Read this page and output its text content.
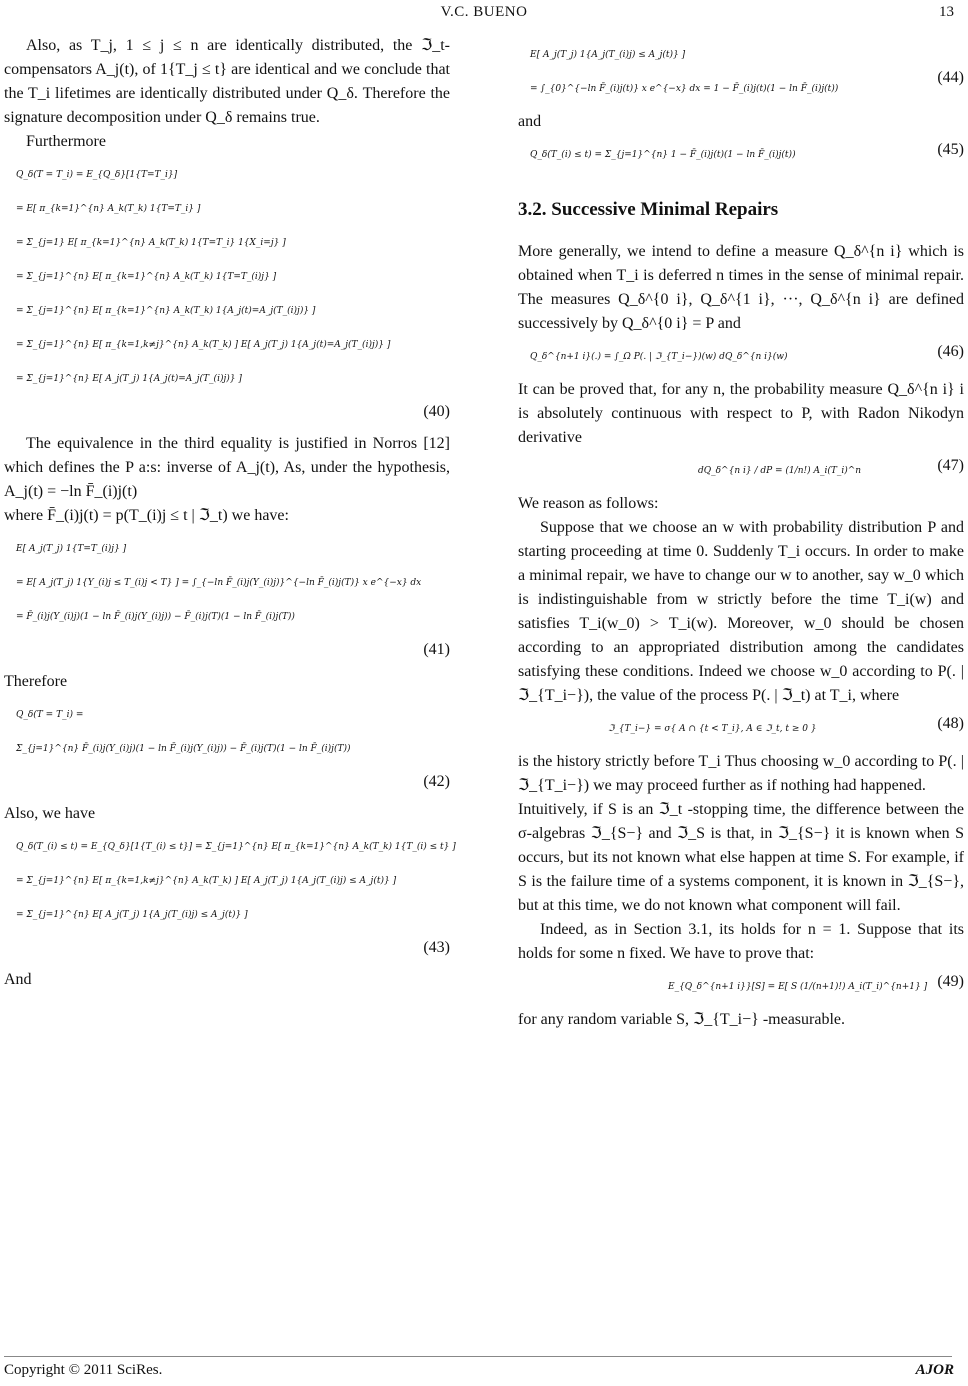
V.C. BUENO	13

Also, as T_j, 1 ≤ j ≤ n are identically distributed, the ℑ_t-compensators A_j(t), of 1{T_j ≤ t} are identical and we conclude that the T_i lifetimes are identically distributed under Q_δ. Therefore the signature decomposition under Q_δ remains true.

Furthermore

Q_δ(T = T_i) = E_{Q_δ}[1{T=T_i}]
= E[ π_{k=1}^{n} A_k(T_k) 1{T=T_i} ]
= Σ_{j=1} E[ π_{k=1}^{n} A_k(T_k) 1{T=T_i} 1{X_i=j} ]
= Σ_{j=1}^{n} E[ π_{k=1}^{n} A_k(T_k) 1{T=T_(i)j} ]
= Σ_{j=1}^{n} E[ π_{k=1}^{n} A_k(T_k) 1{A_j(t)=A_j(T_(i)j)} ]
= Σ_{j=1}^{n} E[ π_{k=1,k≠j}^{n} A_k(T_k) ] E[ A_j(T_j) 1{A_j(t)=A_j(T_(i)j)} ]
= Σ_{j=1}^{n} E[ A_j(T_j) 1{A_j(t)=A_j(T_(i)j)} ]
(40)

The equivalence in the third equality is justified in Norros [12] which defines the P a:s: inverse of A_j(t), As, under the hypothesis, A_j(t) = −ln F̄_(i)j(t)

where F̄_(i)j(t) = p(T_(i)j ≤ t | ℑ_t) we have:

E[ A_j(T_j) 1{T=T_(i)j} ]
= E[ A_j(T_j) 1{Y_(i)j ≤ T_(i)j < T} ] = ∫_{−ln F̄_(i)j(Y_(i)j)}^{−ln F̄_(i)j(T)} x e^{−x} dx
= F̄_(i)j(Y_(i)j)(1 − ln F̄_(i)j(Y_(i)j)) − F̄_(i)j(T)(1 − ln F̄_(i)j(T))
(41)

Therefore

Q_δ(T = T_i) =
Σ_{j=1}^{n} F̄_(i)j(Y_(i)j)(1 − ln F̄_(i)j(Y_(i)j)) − F̄_(i)j(T)(1 − ln F̄_(i)j(T))
(42)

Also, we have

Q_δ(T_(i) ≤ t) = E_{Q_δ}[1{T_(i) ≤ t}] = Σ_{j=1}^{n} E[ π_{k=1}^{n} A_k(T_k) 1{T_(i) ≤ t} ]
= Σ_{j=1}^{n} E[ π_{k=1,k≠j}^{n} A_k(T_k) ] E[ A_j(T_j) 1{A_j(T_(i)j) ≤ A_j(t)} ]
= Σ_{j=1}^{n} E[ A_j(T_j) 1{A_j(T_(i)j) ≤ A_j(t)} ]
(43)

And

E[ A_j(T_j) 1{A_j(T_(i)j) ≤ A_j(t)} ]
= ∫_{0}^{−ln F̄_(i)j(t)} x e^{−x} dx = 1 − F̄_(i)j(t)(1 − ln F̄_(i)j(t))
(44)

and

Q_δ(T_(i) ≤ t) = Σ_{j=1}^{n} 1 − F̄_(i)j(t)(1 − ln F̄_(i)j(t))	(45)
3.2. Successive Minimal Repairs

More generally, we intend to define a measure Q_δ^{n i} which is obtained when T_i is deferred n times in the sense of minimal repair. The measures Q_δ^{0 i}, Q_δ^{1 i}, ···, Q_δ^{n i} are defined successively by Q_δ^{0 i} = P and

Q_δ^{n+1 i}(.) = ∫_Ω P(. | ℑ_{T_i−})(w) dQ_δ^{n i}(w)	(46)

It can be proved that, for any n, the probability measure Q_δ^{n i} i is absolutely continuous with respect to P, with Radon Nikodyn derivative

dQ_δ^{n i} / dP = (1/n!) A_i(T_i)^n	(47)

We reason as follows:

Suppose that we choose an w with probability distribution P and starting proceeding at time 0. Suddenly T_i occurs. In order to make a minimal repair, we have to change our w to another, say w_0 which is indistinguishable from w strictly before the time T_i(w) and satisfies T_i(w_0) > T_i(w). Moreover, w_0 should be chosen according to an appropriated distribution among the candidates satisfying these conditions. Indeed we choose w_0 according to P(. | ℑ_{T_i−}), the value of the process P(. | ℑ_t) at T_i, where

ℑ_{T_i−} = σ{ A ∩ {t < T_i}, A ∈ ℑ_t, t ≥ 0 }	(48)

is the history strictly before T_i Thus choosing w_0 according to P(. | ℑ_{T_i−}) we may proceed further as if nothing had happened.

Intuitively, if S is an ℑ_t -stopping time, the difference between the σ-algebras ℑ_{S−} and ℑ_S is that, in ℑ_{S−} it is known when S occurs, but its not known what else happen at time S. For example, if S is the failure time of a systems component, it is known in ℑ_{S−}, but at this time, we do not known what component will fail.

Indeed, as in Section 3.1, its holds for n = 1. Suppose that its holds for some n fixed. We have to prove that:

E_{Q_δ^{n+1 i}}[S] = E[ S (1/(n+1)!) A_i(T_i)^{n+1} ] (49)

for any random variable S, ℑ_{T_i−} -measurable.

Copyright © 2011 SciRes.	AJOR
